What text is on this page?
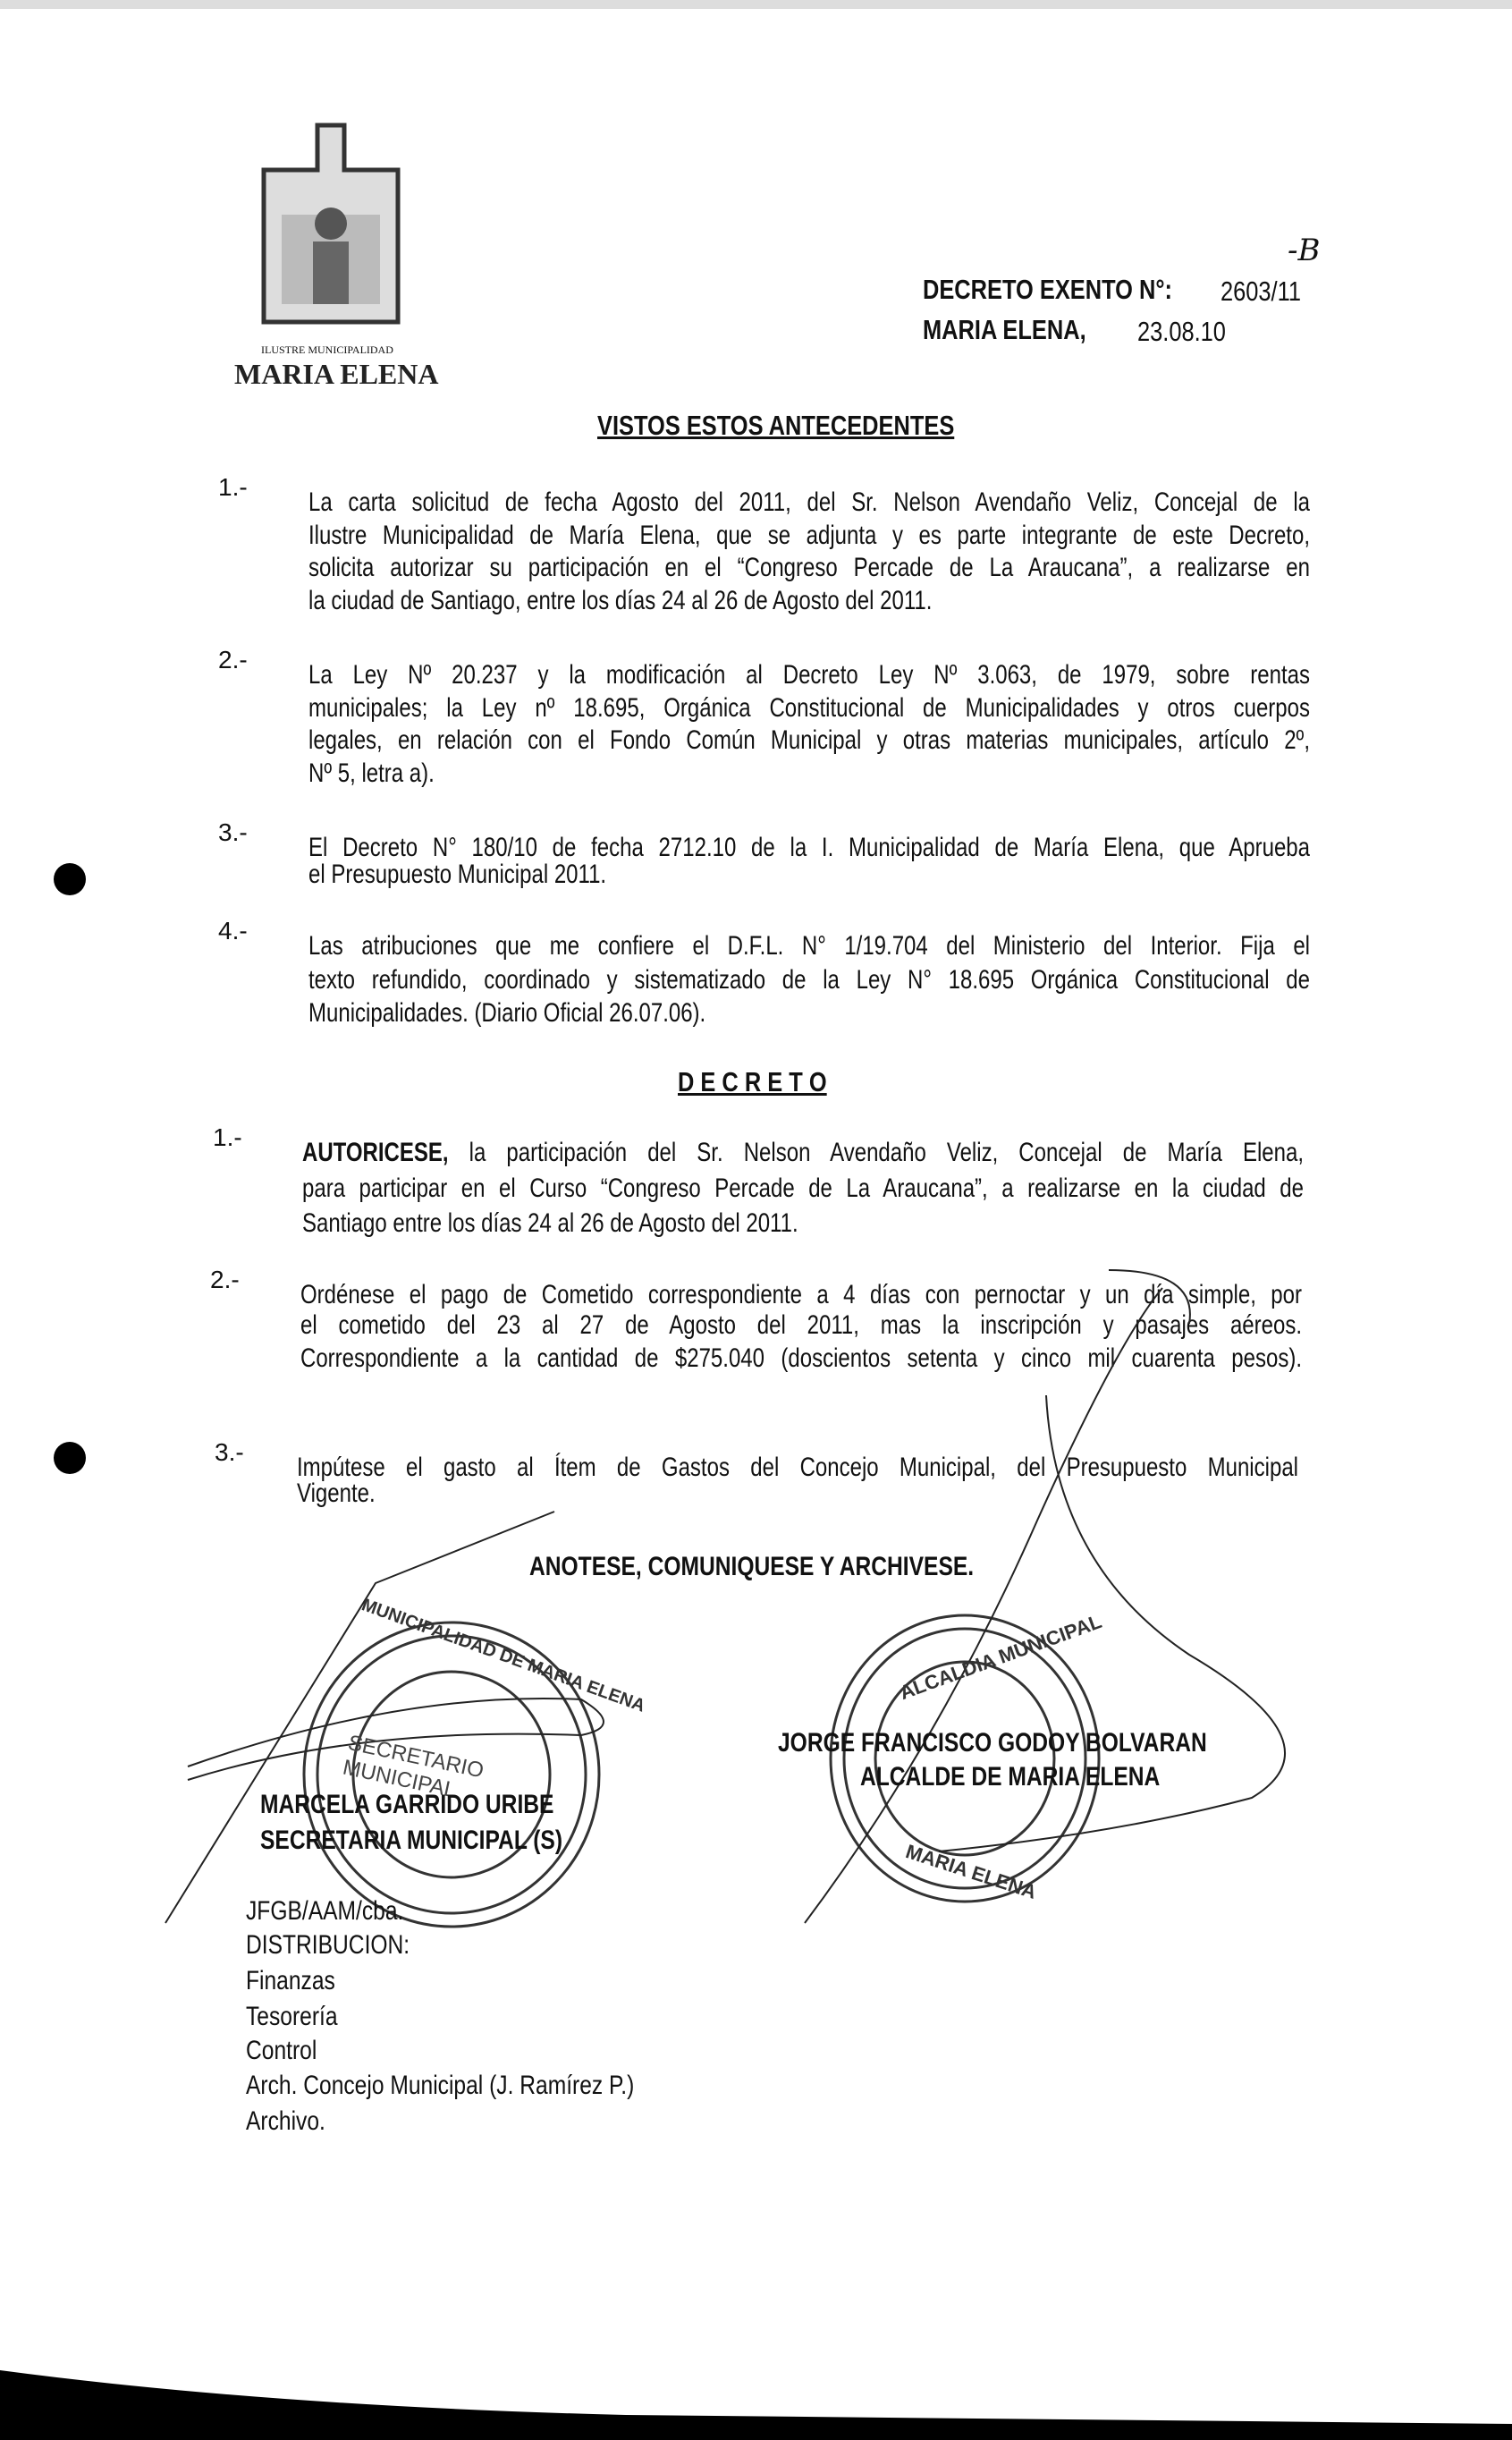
ILUSTRE MUNICIPALIDAD
MARIA ELENA
-B
DECRETO EXENTO N°: 2603/11
MARIA ELENA, 23.08.10
VISTOS ESTOS ANTECEDENTES
1.-
La carta solicitud de fecha Agosto del 2011, del Sr. Nelson Avendaño Veliz, Concejal de la
Ilustre Municipalidad de María Elena, que se adjunta y es parte integrante de este Decreto,
solicita autorizar su participación en el “Congreso Percade de La Araucana”, a realizarse en
la ciudad de Santiago, entre los días 24 al 26 de Agosto del 2011.
2.-
La Ley Nº 20.237 y la modificación al Decreto Ley Nº 3.063, de 1979, sobre rentas
municipales; la Ley nº 18.695, Orgánica Constitucional de Municipalidades y otros cuerpos
legales, en relación con el Fondo Común Municipal y otras materias municipales, artículo 2º,
Nº 5, letra a).
3.-
El Decreto N° 180/10 de fecha 2712.10 de la I. Municipalidad de María Elena, que Aprueba
el Presupuesto Municipal 2011.
4.-
Las atribuciones que me confiere el D.F.L. N° 1/19.704 del Ministerio del Interior. Fija el
texto refundido, coordinado y sistematizado de la Ley N° 18.695 Orgánica Constitucional de
Municipalidades. (Diario Oficial 26.07.06).
D E C R E T O
1.-
AUTORICESE, la participación del Sr. Nelson Avendaño Veliz, Concejal de María Elena,
para participar en el Curso “Congreso Percade de La Araucana”, a realizarse en la ciudad de
Santiago entre los días 24 al 26 de Agosto del 2011.
2.-
Ordénese el pago de Cometido correspondiente a 4 días con pernoctar y un día simple, por
el cometido del 23 al 27 de Agosto del 2011, mas la inscripción y pasajes aéreos.
Correspondiente a la cantidad de $275.040 (doscientos setenta y cinco mil cuarenta pesos).
3.-
Impútese el gasto al Ítem de Gastos del Concejo Municipal, del Presupuesto Municipal
Vigente.
ANOTESE, COMUNIQUESE Y ARCHIVESE.
MUNICIPALIDAD DE MARIA ELENA
SECRETARIO MUNICIPAL
ALCALDIA MUNICIPAL
MARIA ELENA
MARCELA GARRIDO URIBE
SECRETARIA MUNICIPAL (S)
JORGE FRANCISCO GODOY BOLVARAN
ALCALDE DE MARIA ELENA
JFGB/AAM/cba.
DISTRIBUCION:
Finanzas
Tesorería
Control
Arch. Concejo Municipal (J. Ramírez P.)
Archivo.
